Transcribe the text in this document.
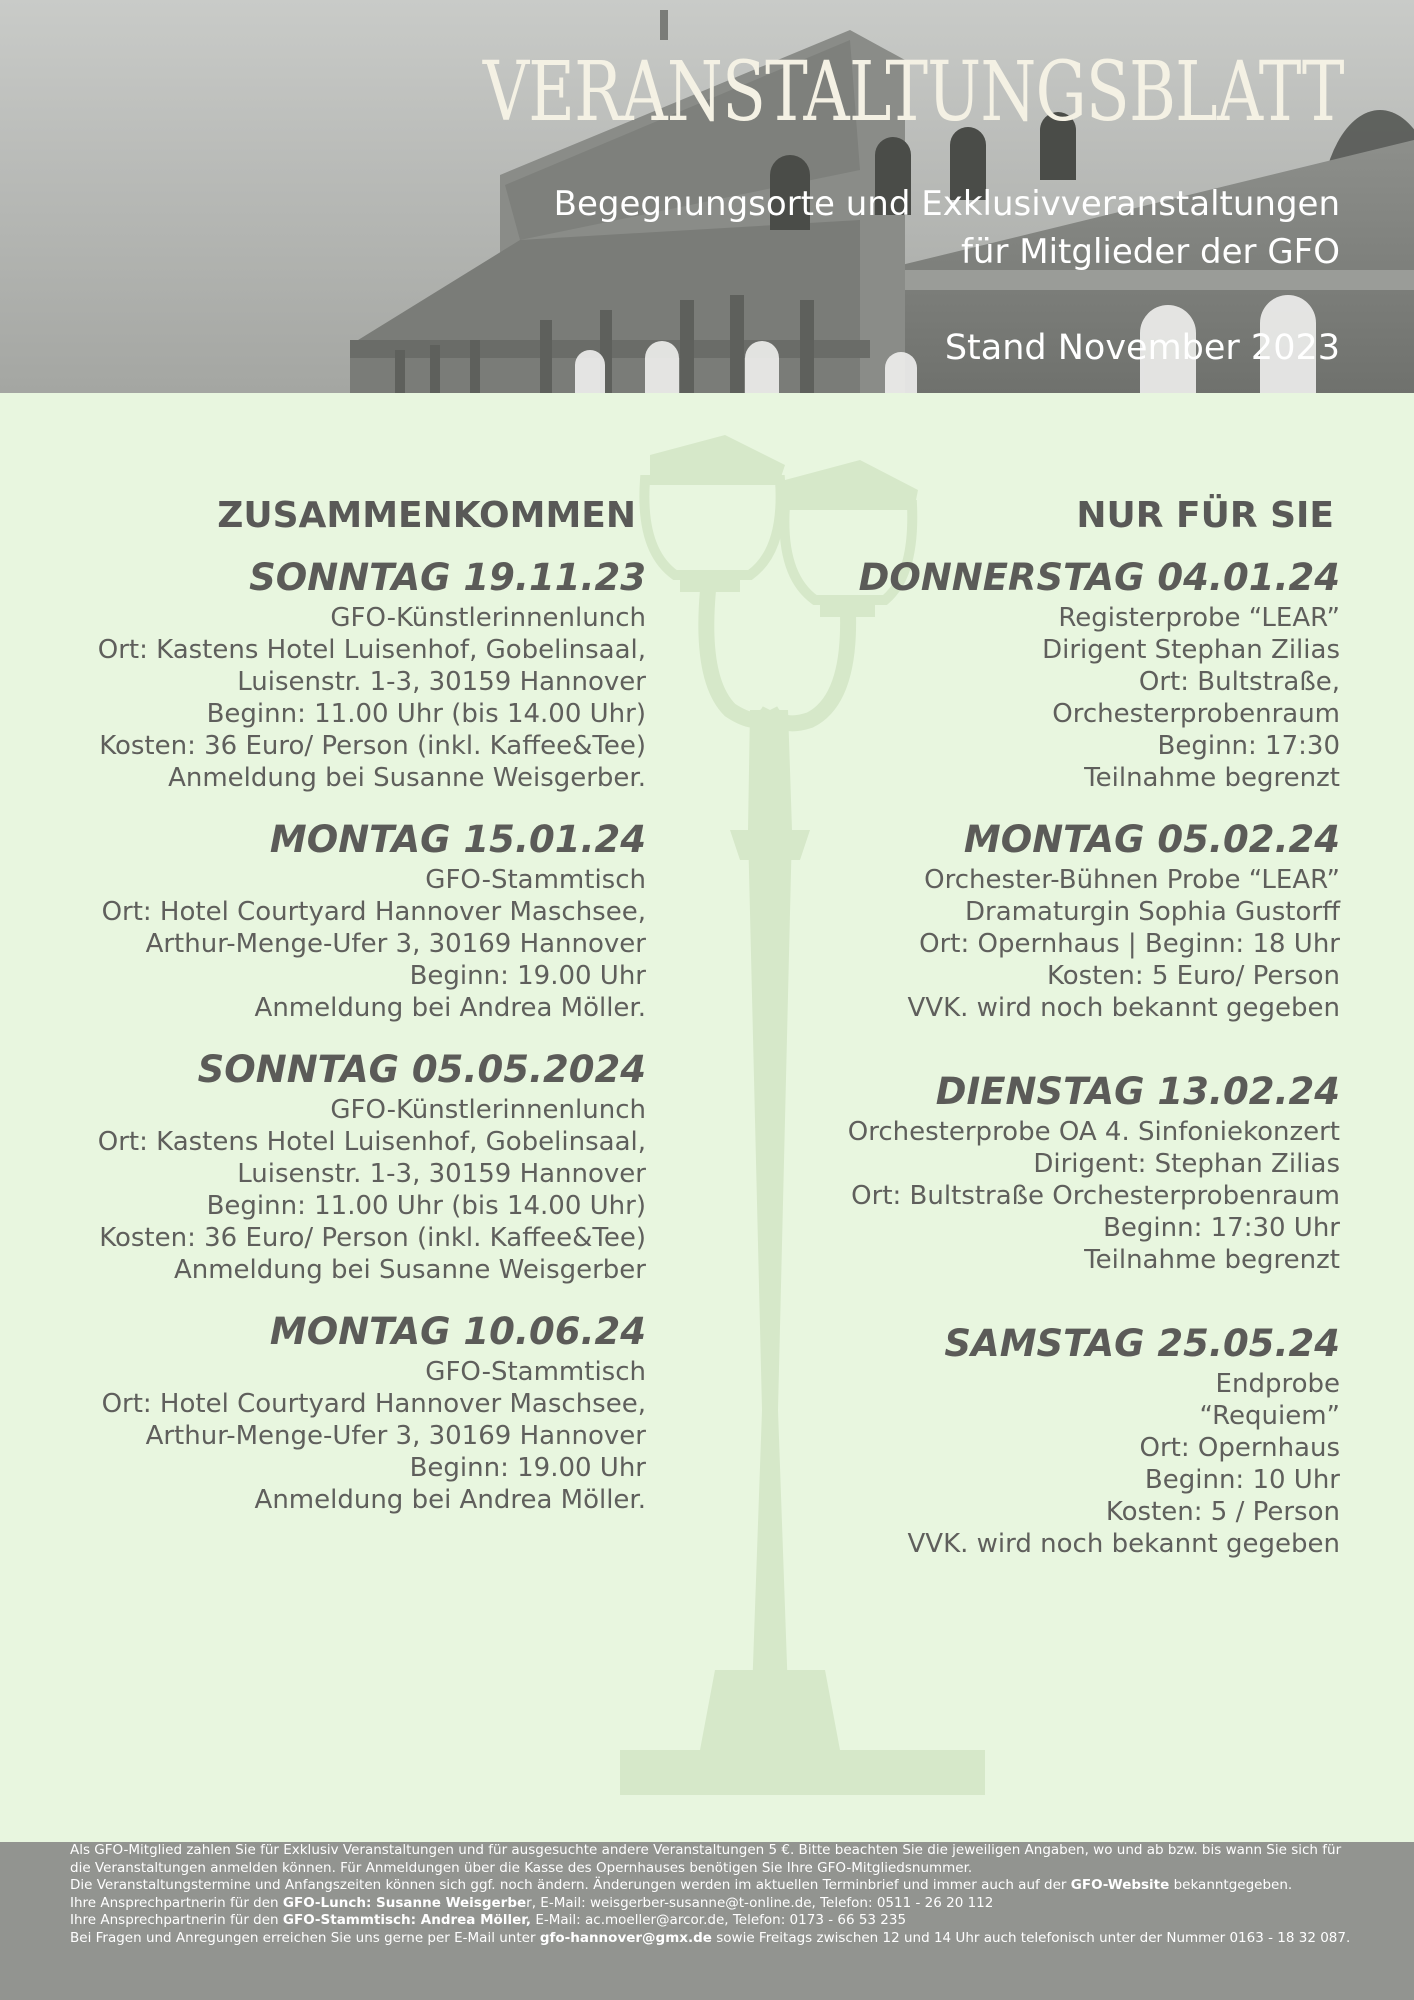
VERANSTALTUNGSBLATT
Begegnungsorte und Exklusivveranstaltungen
für Mitglieder der GFO
Stand November 2023
ZUSAMMENKOMMEN
SONNTAG 19.11.23
GFO-Künstlerinnenlunch
Ort: Kastens Hotel Luisenhof, Gobelinsaal,
Luisenstr. 1-3, 30159 Hannover
Beginn: 11.00 Uhr (bis 14.00 Uhr)
Kosten: 36 Euro/ Person (inkl. Kaffee&Tee)
Anmeldung bei Susanne Weisgerber.
MONTAG 15.01.24
GFO-Stammtisch
Ort: Hotel Courtyard Hannover Maschsee,
Arthur-Menge-Ufer 3, 30169 Hannover
Beginn: 19.00 Uhr
Anmeldung bei Andrea Möller.
SONNTAG 05.05.2024
GFO-Künstlerinnenlunch
Ort: Kastens Hotel Luisenhof, Gobelinsaal,
Luisenstr. 1-3, 30159 Hannover
Beginn: 11.00 Uhr (bis 14.00 Uhr)
Kosten: 36 Euro/ Person (inkl. Kaffee&Tee)
Anmeldung bei Susanne Weisgerber
MONTAG 10.06.24
GFO-Stammtisch
Ort: Hotel Courtyard Hannover Maschsee,
Arthur-Menge-Ufer 3, 30169 Hannover
Beginn: 19.00 Uhr
Anmeldung bei Andrea Möller.
NUR FÜR SIE
DONNERSTAG 04.01.24
Registerprobe “LEAR”
Dirigent Stephan Zilias
Ort: Bultstraße,
Orchesterprobenraum
Beginn: 17:30
Teilnahme begrenzt
MONTAG 05.02.24
Orchester-Bühnen Probe “LEAR”
Dramaturgin Sophia Gustorff
Ort: Opernhaus | Beginn: 18 Uhr
Kosten: 5 Euro/ Person
VVK. wird noch bekannt gegeben
DIENSTAG 13.02.24
Orchesterprobe OA 4. Sinfoniekonzert
Dirigent: Stephan Zilias
Ort: Bultstraße Orchesterprobenraum
Beginn: 17:30 Uhr
Teilnahme begrenzt
SAMSTAG 25.05.24
Endprobe
“Requiem”
Ort: Opernhaus
Beginn: 10 Uhr
Kosten: 5 / Person
VVK. wird noch bekannt gegeben

Als GFO-Mitglied zahlen Sie für Exklusiv Veranstaltungen und für ausgesuchte andere Veranstaltungen 5 €. Bitte beachten Sie die jeweiligen Angaben, wo und ab bzw. bis wann Sie sich für die Veranstaltungen anmelden können. Für Anmeldungen über die Kasse des Opernhauses benötigen Sie Ihre GFO-Mitgliedsnummer.

Die Veranstaltungstermine und Anfangszeiten können sich ggf. noch ändern. Änderungen werden im aktuellen Terminbrief und immer auch auf der GFO-Website bekanntgegeben.

Ihre Ansprechpartnerin für den GFO-Lunch: Susanne Weisgerber, E-Mail: weisgerber-susanne@t-online.de, Telefon: 0511 - 26 20 112

Ihre Ansprechpartnerin für den GFO-Stammtisch: Andrea Möller, E-Mail: ac.moeller@arcor.de, Telefon: 0173 - 66 53 235

Bei Fragen und Anregungen erreichen Sie uns gerne per E-Mail unter gfo-hannover@gmx.de sowie Freitags zwischen 12 und 14 Uhr auch telefonisch unter der Nummer 0163 - 18 32 087.
